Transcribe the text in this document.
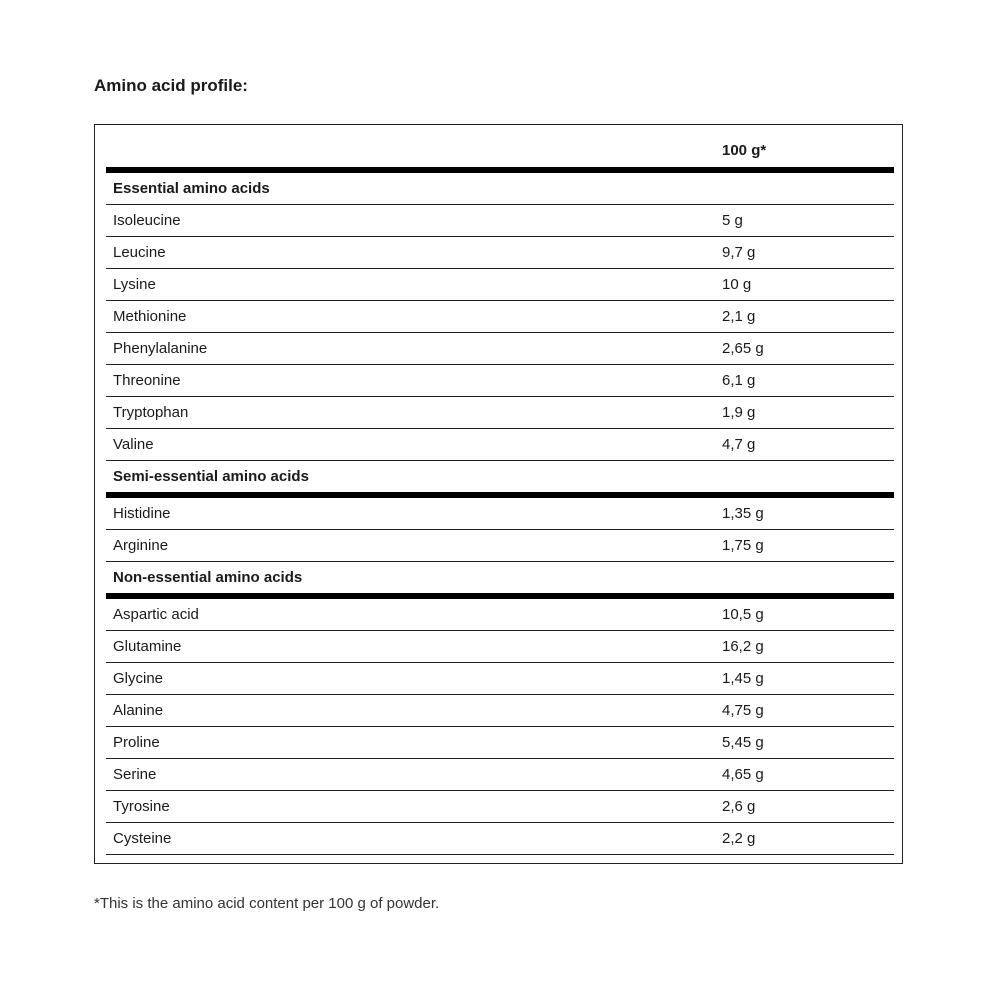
Amino acid profile:
100 g*
Essential amino acids
Isoleucine	5 g
Leucine	9,7 g
Lysine	10 g
Methionine	2,1 g
Phenylalanine	2,65 g
Threonine	6,1 g
Tryptophan	1,9 g
Valine	4,7 g
Semi-essential amino acids
Histidine	1,35 g
Arginine	1,75 g
Non-essential amino acids
Aspartic acid	10,5 g
Glutamine	16,2 g
Glycine	1,45 g
Alanine	4,75 g
Proline	5,45 g
Serine	4,65 g
Tyrosine	2,6 g
Cysteine	2,2 g
*This is the amino acid content per 100 g of powder.
